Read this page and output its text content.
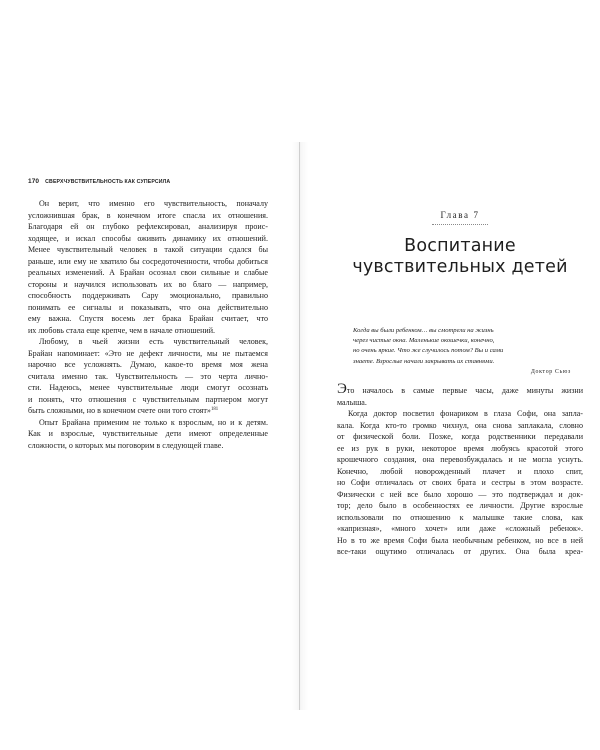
170 СВЕРХЧУВСТВИТЕЛЬНОСТЬ КАК СУПЕРСИЛА
Он верит, что именно его чувствительность, поначалу
усложнившая брак, в конечном итоге спасла их отношения.
Благодаря ей он глубоко рефлексировал, анализируя проис-
ходящее, и искал способы оживить динамику их отношений.
Менее чувствительный человек в такой ситуации сдался бы
раньше, или ему не хватило бы сосредоточенности, чтобы добиться
реальных изменений. А Брайан осознал свои сильные и слабые
стороны и научился использовать их во благо — например,
способность поддерживать Сару эмоционально, правильно
понимать ее сигналы и показывать, что она действительно
ему важна. Спустя восемь лет брака Брайан считает, что
их любовь стала еще крепче, чем в начале отношений.
Любому, в чьей жизни есть чувствительный человек,
Брайан напоминает: «Это не дефект личности, мы не пытаемся
нарочно все усложнять. Думаю, какое-то время моя жена
считала именно так. Чувствительность — это черта лично-
сти. Надеюсь, менее чувствительные люди смогут осознать
и понять, что отношения с чувствительным партнером могут
быть сложными, но в конечном счете они того стоят»$^{181}$
Опыт Брайана применим не только к взрослым, но и к детям.
Как и взрослые, чувствительные дети имеют определенные
сложности, о которых мы поговорим в следующей главе.
Глава 7
Воспитание
чувствительных детей
Когда вы были ребенком… вы смотрели на жизнь
через чистые окна. Маленькие окошечки, конечно,
но очень яркие. Что же случилось потом? Вы и сами
знаете. Взрослые начали закрывать их ставнями.
Доктор Сьюз
Это началось в самые первые часы, даже минуты жизни
малыша.
Когда доктор посветил фонариком в глаза Софи, она запла-
кала. Когда кто-то громко чихнул, она снова заплакала, словно
от физической боли. Позже, когда родственники передавали
ее из рук в руки, некоторое время любуясь красотой этого
крошечного создания, она перевозбуждалась и не могла уснуть.
Конечно, любой новорожденный плачет и плохо спит,
но Софи отличалась от своих брата и сестры в этом возрасте.
Физически с ней все было хорошо — это подтверждал и док-
тор; дело было в особенностях ее личности. Другие взрослые
использовали по отношению к малышке такие слова, как
«капризная», «много хочет» или даже «сложный ребенок».
Но в то же время Софи была необычным ребенком, но все в ней
все-таки ощутимо отличалась от других. Она была креа-
